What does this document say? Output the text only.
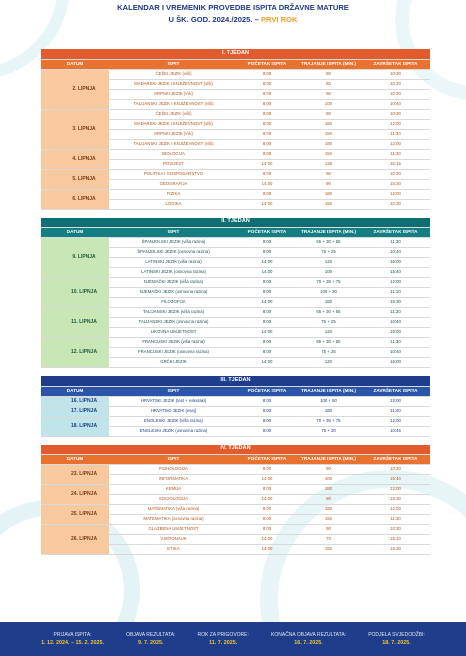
KALENDAR I VREMENIK PROVEDBE ISPITA DRŽAVNE MATURE
U ŠK. GOD. 2024./2025. – PRVI ROK
I. TJEDAN				
DATUM	ISPIT	POČETAK ISPITA	TRAJANJE ISPITA (MIN.)	ZAVRŠETAK ISPITA
2. LIPNJA	ČEŠKI JEZIK (viši)	8:00	90	10:30
	MAĐARSKI JEZIK I KNJIŽEVNOST (viši)	8:00	80	10:20
	SRPSKI JEZIK (viši)	8:00	90	10:30
	TALIJANSKI JEZIK I KNJIŽEVNOST (viši)	8:00	100	10:40
3. LIPNJA	ČEŠKI JEZIK (viši)	8:00	90	10:30
	MAĐARSKI JEZIK I KNJIŽEVNOST (viši)	8:00	180	12:00
	SRPSKI JEZIK (viši)	8:00	150	11:30
	TALIJANSKI JEZIK I KNJIŽEVNOST (viši)	8:00	180	12:00
4. LIPNJA	BIOLOGIJA	8:00	150	11:30
	POVIJEST	14:00	135	16:15
5. LIPNJA	POLITIKA I GOSPODARSTVO	8:00	90	10:30
	GEOGRAFIJA	14:00	90	15:30
6. LIPNJA	FIZIKA	8:00	180	12:00
	LOGIKA	14:00	150	10:30
II. TJEDAN				
DATUM	ISPIT	POČETAK ISPITA	TRAJANJE ISPITA (MIN.)	ZAVRŠETAK ISPITA
9. LIPNJA	ŠPANJOLSKI JEZIK (viša razina)	8:00	65 + 30 + 55	11:30
	ŠPANJOLSKI JEZIK (osnovna razina)	8:00	75 + 25	10:40
	LATINSKI JEZIK (viša razina)	14:00	120	16:00
	LATINSKI JEZIK (osnovna razina)	14:00	100	15:40
10. LIPNJA	NJEMAČKI JEZIK (viša razina)	8:00	70 + 35 + 75	12:00
	NJEMAČKI JEZIK (osnovna razina)	8:00	100 + 30	11:10
	FILOZOFIJA	14:00	150	16:30
11. LIPNJA	TALIJANSKI JEZIK (viša razina)	8:00	65 + 30 + 55	11:30
	TALIJANSKI JEZIK (osnovna razina)	8:00	75 + 25	10:40
	LIKOVNA UMJETNOST	14:00	120	16:00
12. LIPNJA	FRANCUSKI JEZIK (viša razina)	8:00	65 + 30 + 55	11:30
	FRANCUSKI JEZIK (osnovna razina)	8:00	75 + 25	10:40
	GRČKI JEZIK	14:00	120	16:00
III. TJEDAN				
DATUM	ISPIT	POČETAK ISPITA	TRAJANJE ISPITA (MIN.)	ZAVRŠETAK ISPITA
16. LIPNJA	HRVATSKI JEZIK (test + esketaki)	8:00	100 + 60	12:00
17. LIPNJA	HRVATSKI JEZIK (esej)	8:00	180	11:40
18. LIPNJA	ENGLESKI JEZIK (viša razina)	8:00	70 + 35 + 75	12:00
	ENGLESKI JEZIK (osnovna razina)	8:00	75 + 30	10:45
IV. TJEDAN				
DATUM	ISPIT	POČETAK ISPITA	TRAJANJE ISPITA (MIN.)	ZAVRŠETAK ISPITA
23. LIPNJA	PSIHOLOGIJA	8:00	90	10:30
	INFORMATIKA	14:00	100	15:40
24. LIPNJA	KEMIJA	8:00	180	12:00
	SOCIOLOGIJA	14:00	90	15:30
25. LIPNJA	MATEMATIKA (viša razina)	8:00	180	12:00
	MATEMATIKA (osnovna razina)	8:00	150	11:30
26. LIPNJA	GLAZBENA UMJETNOST	8:00	90	10:30
	VJERONAUK	14:00	70	15:10
	ETIKA	14:00	150	16:30
PRIJAVA ISPITA:
1. 12. 2024. – 15. 2. 2025.
OBJAVA REZULTATA:
9. 7. 2025.
ROK ZA PRIGOVORE:
11. 7. 2025.
KONAČNA OBJAVA REZULTATA:
16. 7. 2025.
PODJELA SVJEDODŽBI:
18. 7. 2025.
